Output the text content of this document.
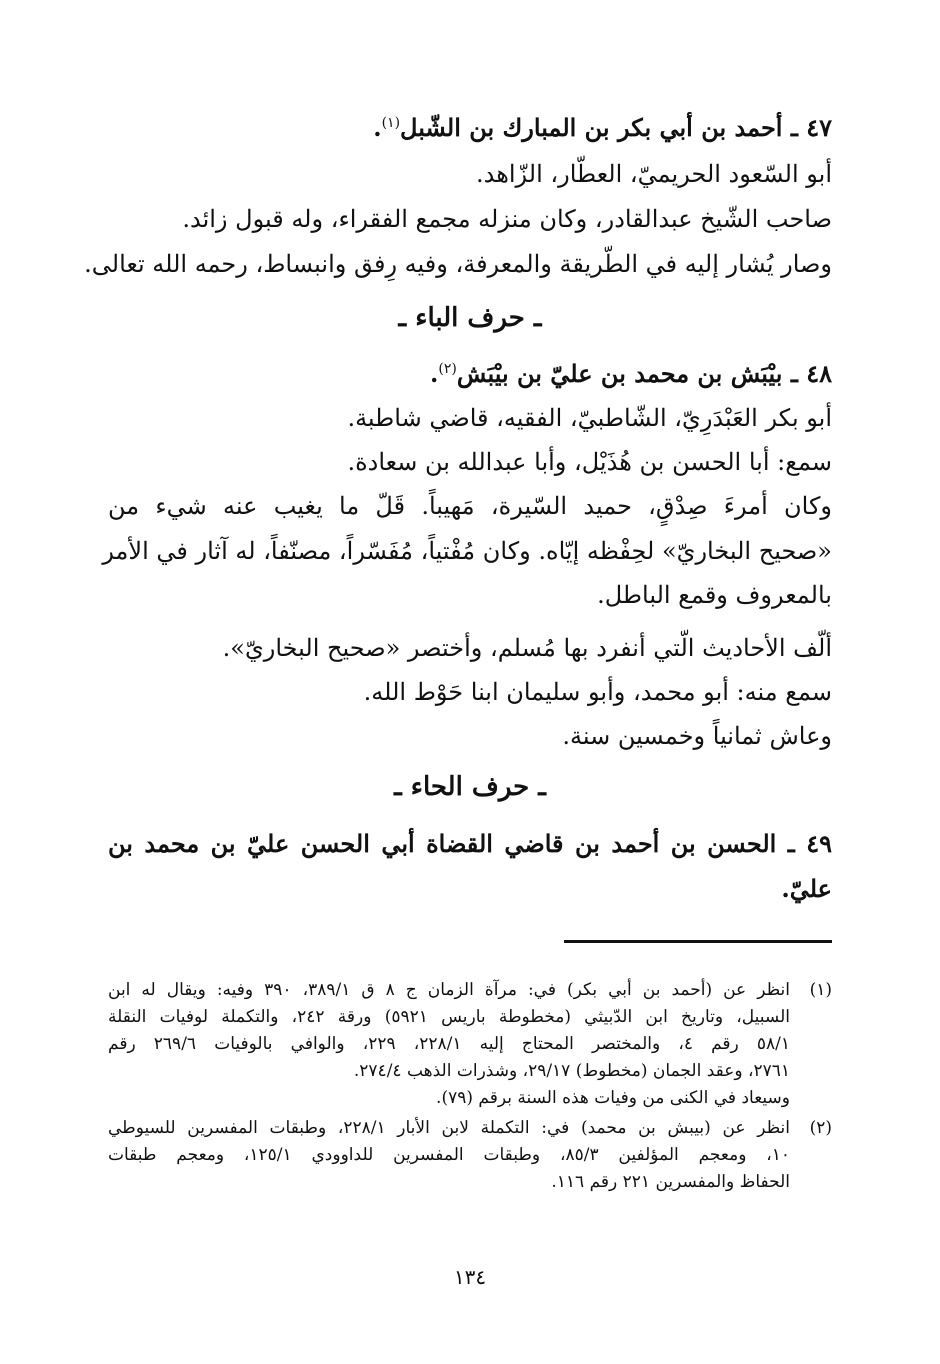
٤٧ ـ أحمد بن أبي بكر بن المبارك بن الشّبل$^{(١)}$.
أبو السّعود الحريميّ، العطّار، الزّاهد.
صاحب الشّيخ عبدالقادر، وكان منزله مجمع الفقراء، وله قبول زائد.
وصار يُشار إليه في الطّريقة والمعرفة، وفيه رِفق وانبساط، رحمه الله تعالى.
ـ حرف الباء ـ
٤٨ ـ بيْبَش بن محمد بن عليّ بن بيْبَش$^{(٢)}$.
أبو بكر العَبْدَرِيّ، الشّاطبيّ، الفقيه، قاضي شاطبة.
سمع: أبا الحسن بن هُذَيْل، وأبا عبدالله بن سعادة.
وكان أمرءَ صِدْقٍ، حميد السّيرة، مَهيباً. قَلّ ما يغيب عنه شيء من
«صحيح البخاريّ» لحِفْظه إيّاه. وكان مُفْتياً، مُفَسّراً، مصنّفاً، له آثار في الأمر
بالمعروف وقمع الباطل.
ألّف الأحاديث الّتي أنفرد بها مُسلم، وأختصر «صحيح البخاريّ».
سمع منه: أبو محمد، وأبو سليمان ابنا حَوْط الله.
وعاش ثمانياً وخمسين سنة.
ـ حرف الحاء ـ
٤٩ ـ الحسن بن أحمد بن قاضي القضاة أبي الحسن عليّ بن محمد بن
عليّ.
(١)
انظر عن (أحمد بن أبي بكر) في: مرآة الزمان ج ٨ ق ٣٨٩/١، ٣٩٠ وفيه: ويقال له ابن
السبيل، وتاريخ ابن الدّبيثي (مخطوطة باريس ٥٩٢١) ورقة ٢٤٢، والتكملة لوفيات النقلة
٥٨/١ رقم ٤، والمختصر المحتاج إليه ٢٢٨/١، ٢٢٩، والوافي بالوفيات ٢٦٩/٦ رقم
٢٧٦١، وعقد الجمان (مخطوط) ٢٩/١٧، وشذرات الذهب ٢٧٤/٤.
وسيعاد في الكنى من وفيات هذه السنة برقم (٧٩).
(٢)
انظر عن (بيبش بن محمد) في: التكملة لابن الأبار ٢٢٨/١، وطبقات المفسرين للسيوطي
١٠، ومعجم المؤلفين ٨٥/٣، وطبقات المفسرين للداوودي ١٢٥/١، ومعجم طبقات
الحفاظ والمفسرين ٢٢١ رقم ١١٦.
١٣٤
